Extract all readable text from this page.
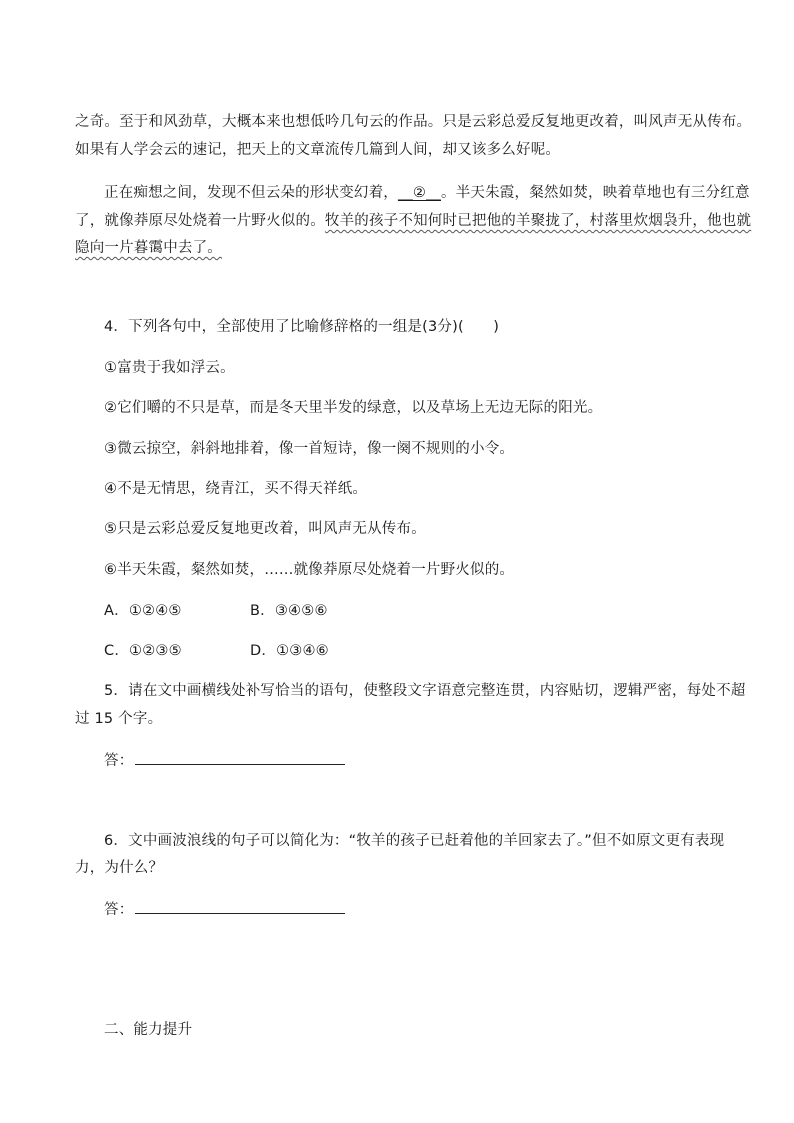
之奇。至于和风劲草，大概本来也想低吟几句云的作品。只是云彩总爱反复地更改着，叫风声无从传布。
如果有人学会云的速记，把天上的文章流传几篇到人间，却又该多么好呢。
正在痴想之间，发现不但云朵的形状变幻着，__②__。半天朱霞，粲然如焚，映着草地也有三分红意
了，就像莽原尽处烧着一片野火似的。牧羊的孩子不知何时已把他的羊聚拢了，村落里炊烟袅升，他也就
隐向一片暮霭中去了。
4．下列各句中，全部使用了比喻修辞格的一组是(3分)(　　)
①富贵于我如浮云。
②它们嚼的不只是草，而是冬天里半发的绿意，以及草场上无边无际的阳光。
③微云掠空，斜斜地排着，像一首短诗，像一阕不规则的小令。
④不是无情思，绕青江，买不得天祥纸。
⑤只是云彩总爱反复地更改着，叫风声无从传布。
⑥半天朱霞，粲然如焚，……就像莽原尽处烧着一片野火似的。
A．①②④⑤	B．③④⑤⑥
C．①②③⑤	D．①③④⑥
5．请在文中画横线处补写恰当的语句，使整段文字语意完整连贯，内容贴切，逻辑严密，每处不超
过 15 个字。
答：
6．文中画波浪线的句子可以简化为：“牧羊的孩子已赶着他的羊回家去了。”但不如原文更有表现
力，为什么？
答：
二、能力提升
